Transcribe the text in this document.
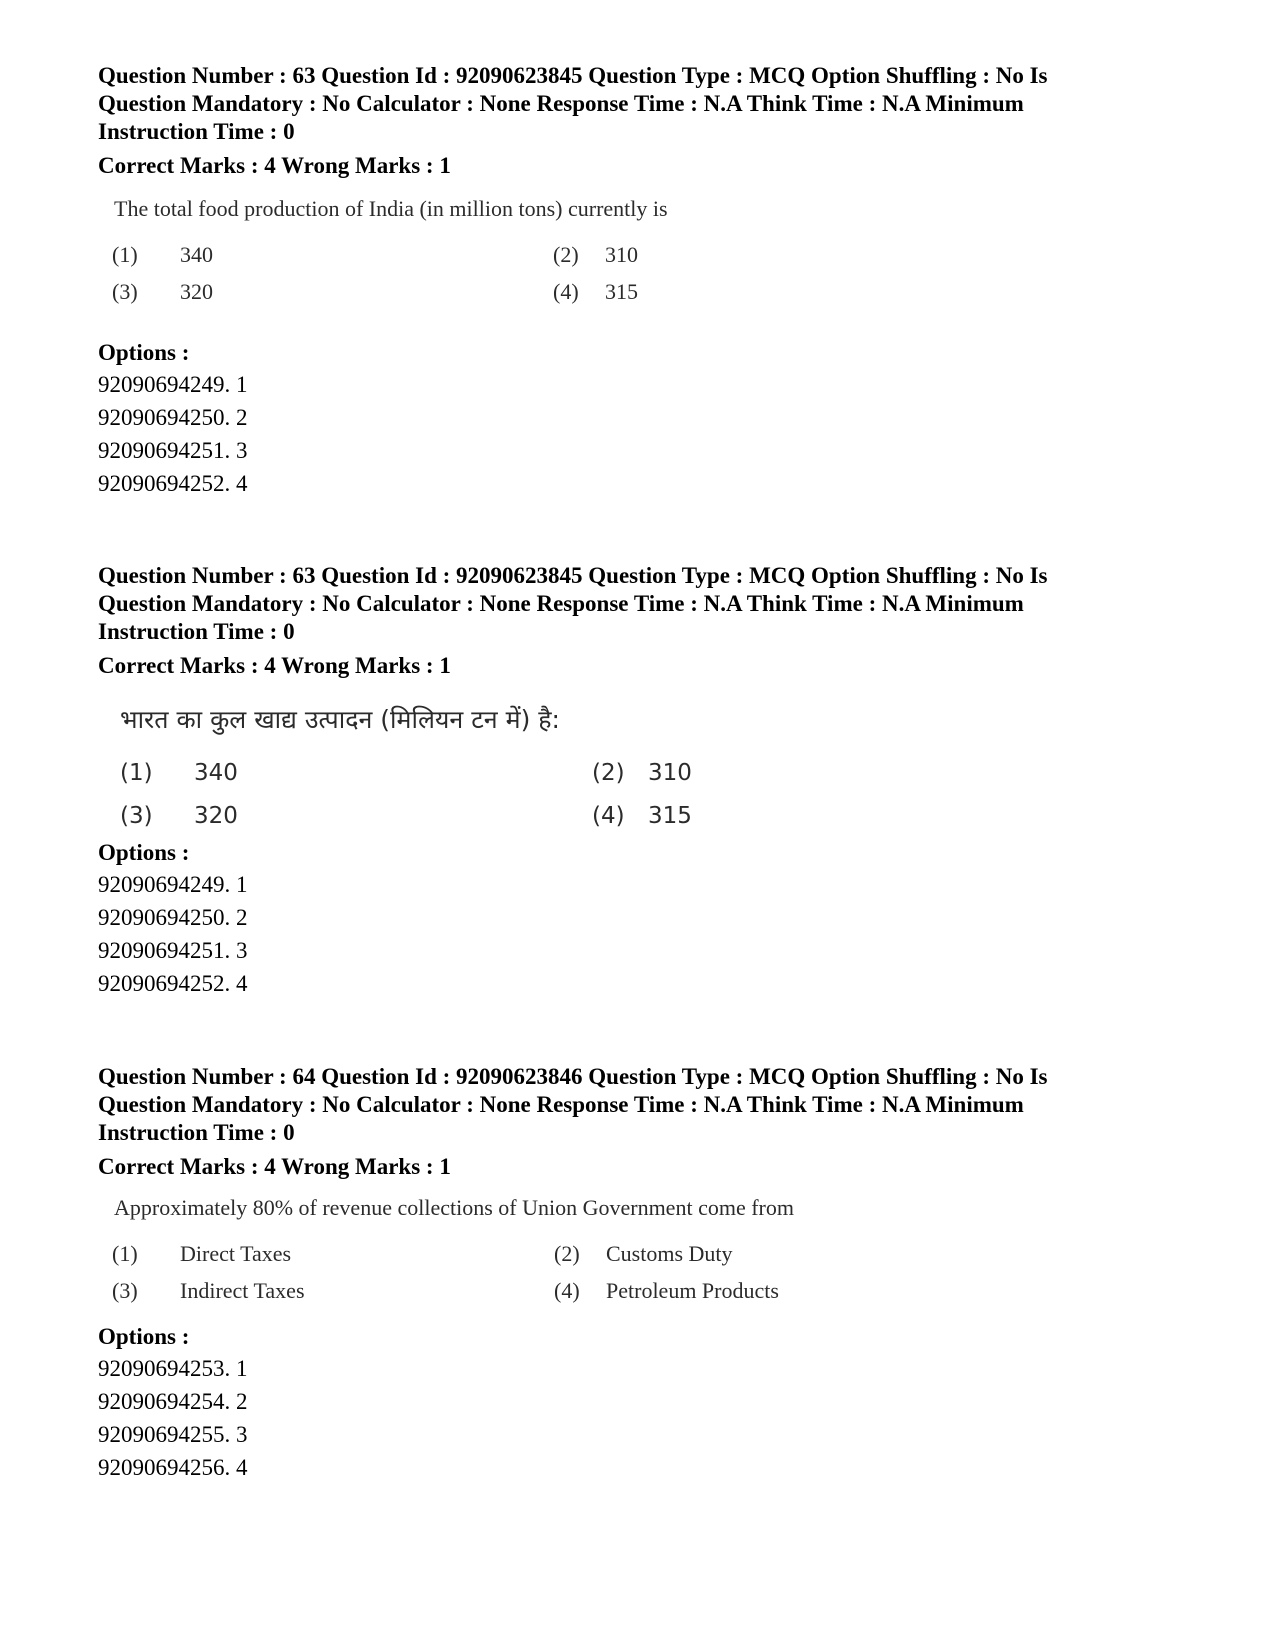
Question Number : 63 Question Id : 92090623845 Question Type : MCQ Option Shuffling : No Is
Question Mandatory : No Calculator : None Response Time : N.A Think Time : N.A Minimum
Instruction Time : 0
Correct Marks : 4 Wrong Marks : 1
The total food production of India (in million tons) currently is
(1) 340	(2) 310
(3) 320	(4) 315
Options :
92090694249. 1
92090694250. 2
92090694251. 3
92090694252. 4
Question Number : 63 Question Id : 92090623845 Question Type : MCQ Option Shuffling : No Is
Question Mandatory : No Calculator : None Response Time : N.A Think Time : N.A Minimum
Instruction Time : 0
Correct Marks : 4 Wrong Marks : 1
भारत का कुल खाद्य उत्पादन (मिलियन टन में) है:
(1) 340	(2) 310
(3) 320	(4) 315
Options :
92090694249. 1
92090694250. 2
92090694251. 3
92090694252. 4
Question Number : 64 Question Id : 92090623846 Question Type : MCQ Option Shuffling : No Is
Question Mandatory : No Calculator : None Response Time : N.A Think Time : N.A Minimum
Instruction Time : 0
Correct Marks : 4 Wrong Marks : 1
Approximately 80% of revenue collections of Union Government come from
(1) Direct Taxes	(2) Customs Duty
(3) Indirect Taxes	(4) Petroleum Products
Options :
92090694253. 1
92090694254. 2
92090694255. 3
92090694256. 4
